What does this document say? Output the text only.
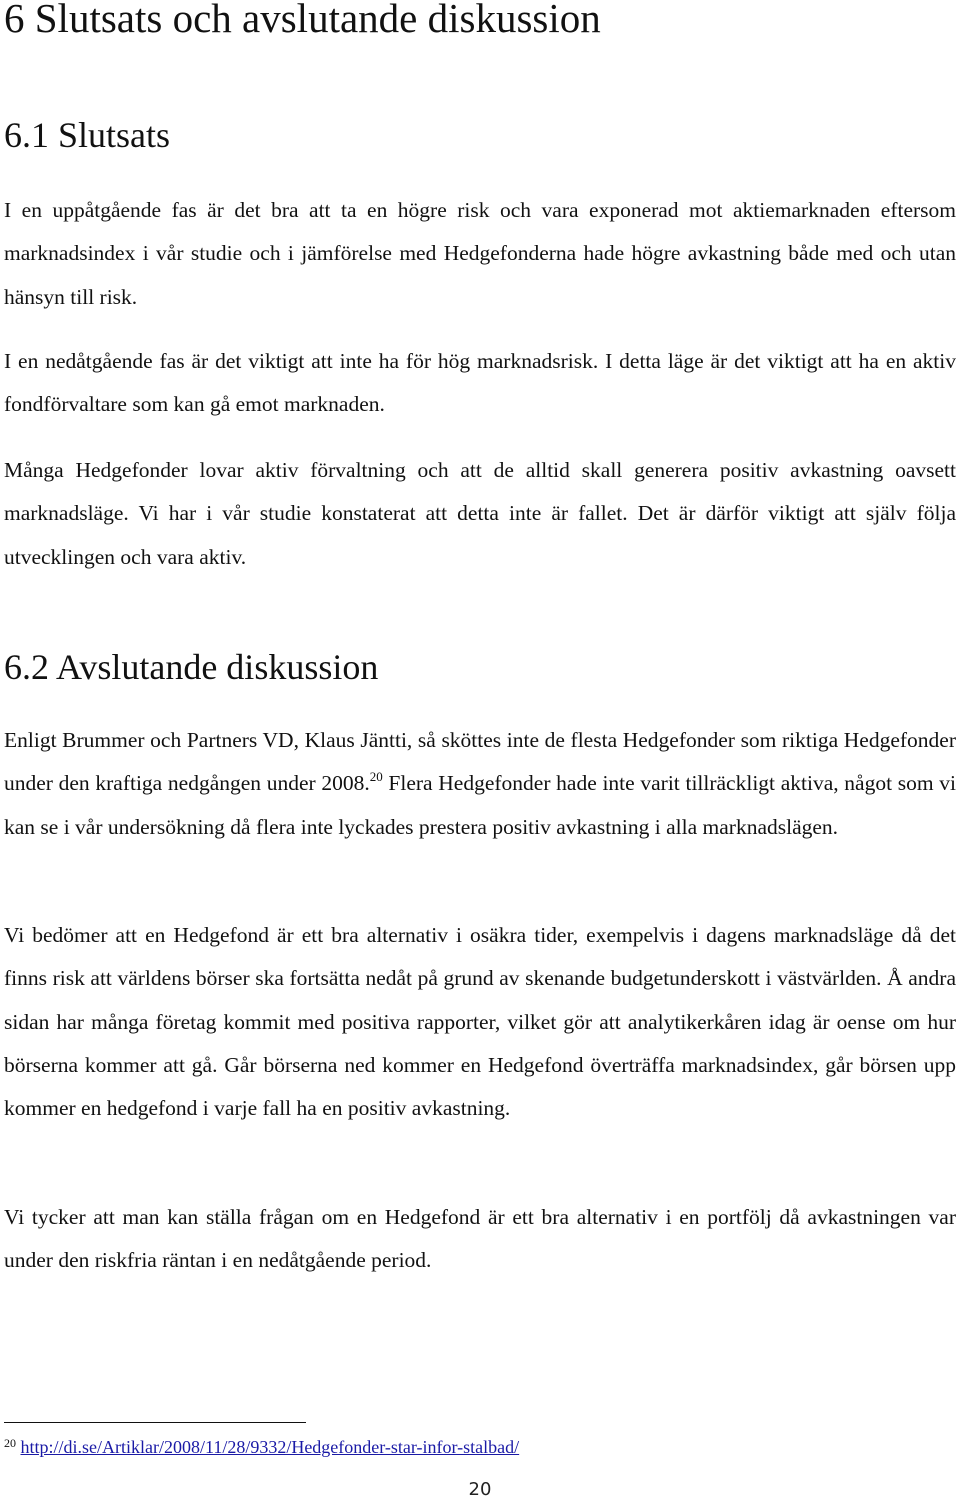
6 Slutsats och avslutande diskussion
6.1 Slutsats

I en uppåtgående fas är det bra att ta en högre risk och vara exponerad mot aktiemarknaden eftersom marknadsindex i vår studie och i jämförelse med Hedgefonderna hade högre avkastning både med och utan hänsyn till risk.

I en nedåtgående fas är det viktigt att inte ha för hög marknadsrisk. I detta läge är det viktigt att ha en aktiv fondförvaltare som kan gå emot marknaden.

Många Hedgefonder lovar aktiv förvaltning och att de alltid skall generera positiv avkastning oavsett marknadsläge. Vi har i vår studie konstaterat att detta inte är fallet. Det är därför viktigt att själv följa utvecklingen och vara aktiv.

6.2 Avslutande diskussion

Enligt Brummer och Partners VD, Klaus Jäntti, så sköttes inte de flesta Hedgefonder som riktiga Hedgefonder under den kraftiga nedgången under 2008.20 Flera Hedgefonder hade inte varit tillräckligt aktiva, något som vi kan se i vår undersökning då flera inte lyckades prestera positiv avkastning i alla marknadslägen.

Vi bedömer att en Hedgefond är ett bra alternativ i osäkra tider, exempelvis i dagens marknadsläge då det finns risk att världens börser ska fortsätta nedåt på grund av skenande budgetunderskott i västvärlden. Å andra sidan har många företag kommit med positiva rapporter, vilket gör att analytikerkåren idag är oense om hur börserna kommer att gå. Går börserna ned kommer en Hedgefond överträffa marknadsindex, går börsen upp kommer en hedgefond i varje fall ha en positiv avkastning.

Vi tycker att man kan ställa frågan om en Hedgefond är ett bra alternativ i en portfölj då avkastningen var under den riskfria räntan i en nedåtgående period.

$^{20}$ http://di.se/Artiklar/2008/11/28/9332/Hedgefonder-star-infor-stalbad/

20
